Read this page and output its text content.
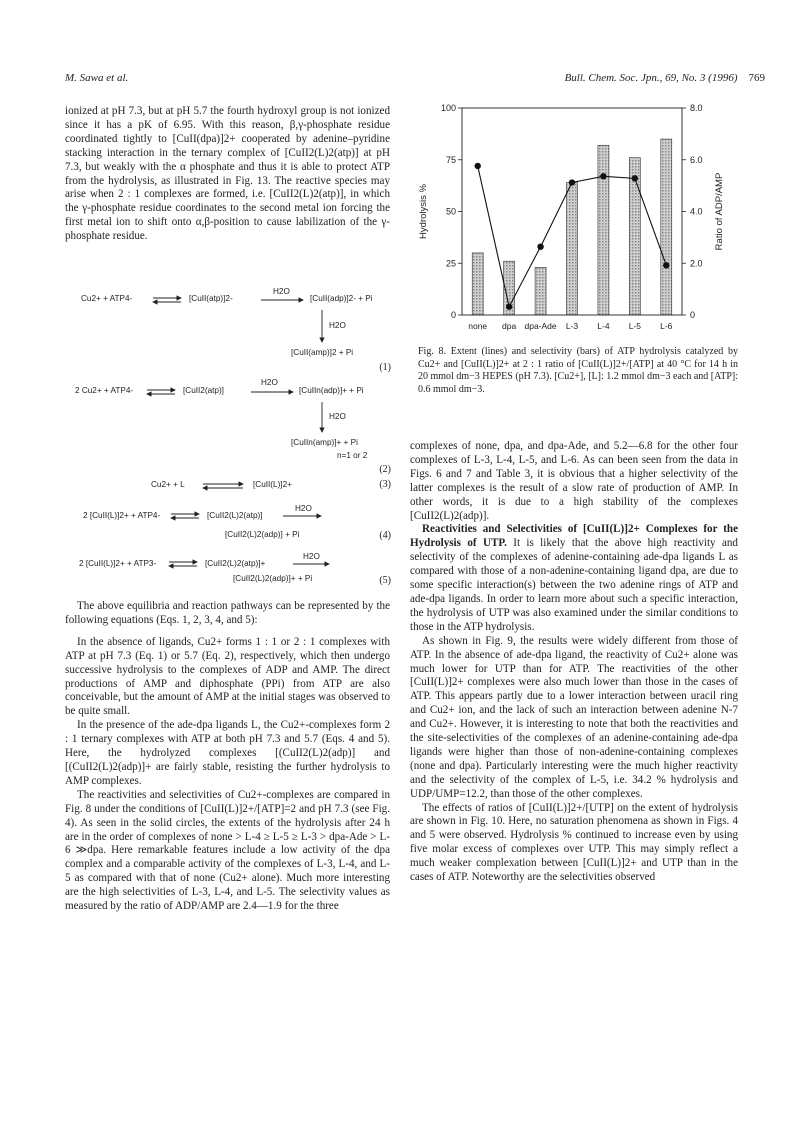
M. Sawa et al.	Bull. Chem. Soc. Jpn., 69, No. 3 (1996) 769

ionized at pH 7.3, but at pH 5.7 the fourth hydroxyl group is not ionized since it has a pK of 6.95. With this reason, β,γ-phosphate residue coordinated tightly to [CuII(dpa)]2+ cooperated by adenine–pyridine stacking interaction in the ternary complex of [CuII2(L)2(atp)] at pH 7.3, but weakly with the α phosphate and thus it is able to protect ATP from the hydrolysis, as illustrated in Fig. 13. The reactive species may arise when 2 : 1 complexes are formed, i.e. [CuII2(L)2(atp)], in which the γ-phosphate residue coordinates to the second metal ion forcing the first metal ion to shift onto α,β-position to cause labilization of the γ-phosphate residue.

Cu2+ + ATP4-	[CuII(atp)]2-
H2O
[CuII(adp)]2- + Pi
H2O
[CuII(amp)]2 + Pi
(1)
2 Cu2+ + ATP4-	[CuII2(atp)]
H2O
[CuIIn(adp)]+ + Pi
H2O
[CuIIn(amp)]+ + Pi
n=1 or 2
(2)
Cu2+ + L	[CuII(L)]2+	(3)
2 [CuII(L)]2+ + ATP4-	[CuII2(L)2(atp)]
H2O
[CuII2(L)2(adp)] + Pi	(4)
2 [CuII(L)]2+ + ATP3-	[CuII2(L)2(atp)]+
H2O
[CuII2(L)2(adp)]+ + Pi	(5)

The above equilibria and reaction pathways can be represented by the following equations (Eqs. 1, 2, 3, 4, and 5):

In the absence of ligands, Cu2+ forms 1 : 1 or 2 : 1 complexes with ATP at pH 7.3 (Eq. 1) or 5.7 (Eq. 2), respectively, which then undergo successive hydrolysis to the complexes of ADP and AMP. The direct productions of AMP and diphosphate (PPi) from ATP are also conceivable, but the amount of AMP at the initial stages was observed to be quite small.

In the presence of the ade-dpa ligands L, the Cu2+-complexes form 2 : 1 ternary complexes with ATP at both pH 7.3 and 5.7 (Eqs. 4 and 5). Here, the hydrolyzed complexes [(CuII2(L)2(adp)] and [(CuII2(L)2(adp)]+ are fairly stable, resisting the further hydrolysis to AMP complexes.

The reactivities and selectivities of Cu2+-complexes are compared in Fig. 8 under the conditions of [CuII(L)]2+/[ATP]=2 and pH 7.3 (see Fig. 4). As seen in the solid circles, the extents of the hydrolysis after 24 h are in the order of complexes of none > L-4 ≥ L-5 ≥ L-3 > dpa-Ade > L-6 ≫dpa. Here remarkable features include a low activity of the dpa complex and a comparable activity of the complexes of L-3, L-4, and L-5 as compared with that of none (Cu2+ alone). Much more interesting are the high selectivities of L-3, L-4, and L-5. The selectivity values as measured by the ratio of ADP/AMP are 2.4—1.9 for the three

0
25
50
75
100
0
2.0
4.0
6.0
8.0
none dpa dpa-Ade L-3 L-4 L-5 L-6
Hydrolysis %	Ratio of ADP/AMP
Fig. 8. Extent (lines) and selectivity (bars) of ATP hydrolysis catalyzed by Cu2+ and [CuII(L)]2+ at 2 : 1 ratio of [CuII(L)]2+/[ATP] at 40 °C for 14 h in 20 mmol dm−3 HEPES (pH 7.3). [Cu2+], [L]: 1.2 mmol dm−3 each and [ATP]: 0.6 mmol dm−3.

complexes of none, dpa, and dpa-Ade, and 5.2—6.8 for the other four complexes of L-3, L-4, L-5, and L-6. As can been seen from the data in Figs. 6 and 7 and Table 3, it is obvious that a higher selectivity of the latter complexes is the result of a slow rate of production of AMP. In other words, it is due to a high stability of the complexes [CuII2(L)2(adp)].

Reactivities and Selectivities of [CuII(L)]2+ Complexes for the Hydrolysis of UTP. It is likely that the above high reactivity and selectivity of the complexes of adenine-containing ade-dpa ligands L as compared with those of a non-adenine-containing ligand dpa, are due to some specific interaction(s) between the two adenine rings of ATP and ade-dpa ligands. In order to learn more about such a specific interaction, the hydrolysis of UTP was also examined under the similar conditions to those in the ATP hydrolysis.

As shown in Fig. 9, the results were widely different from those of ATP. In the absence of ade-dpa ligand, the reactivity of Cu2+ alone was much lower for UTP than for ATP. The reactivities of the other [CuII(L)]2+ complexes were also much lower than those in the cases of ATP. This appears partly due to a lower interaction between uracil ring and Cu2+ ion, and the lack of such an interaction between adenine N-7 and Cu2+. However, it is interesting to note that both the reactivities and the site-selectivities of the complexes of an adenine-containing ade-dpa ligands were higher than those of non-adenine-containing complexes (none and dpa). Particularly interesting were the much higher reactivity and the selectivity of the complex of L-5, i.e. 34.2 % hydrolysis and UDP/UMP=12.2, than those of the other complexes.

The effects of ratios of [CuII(L)]2+/[UTP] on the extent of hydrolysis are shown in Fig. 10. Here, no saturation phenomena as shown in Figs. 4 and 5 were observed. Hydrolysis % continued to increase even by using five molar excess of complexes over UTP. This may simply reflect a much weaker complexation between [CuII(L)]2+ and UTP than in the cases of ATP. Noteworthy are the selectivities observed
